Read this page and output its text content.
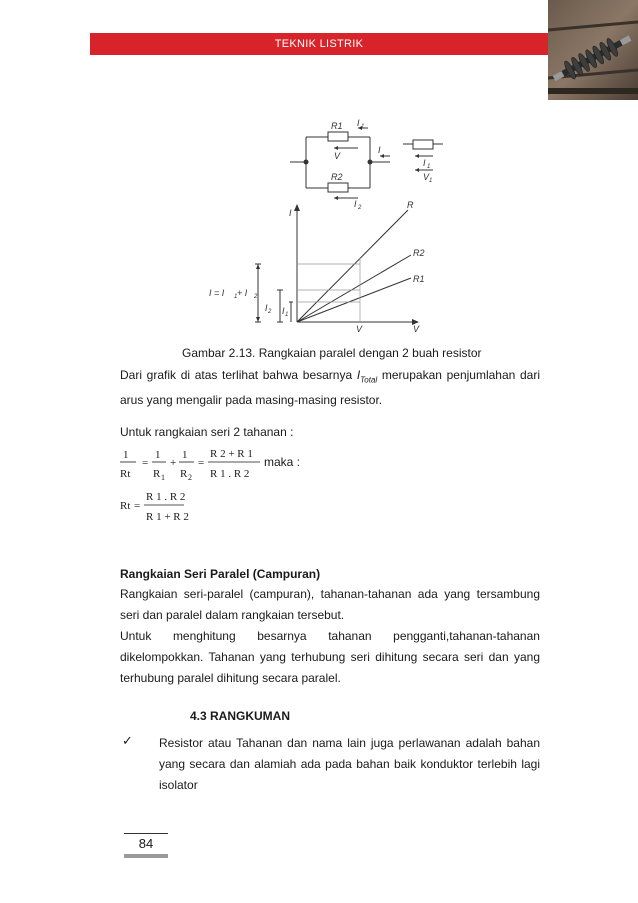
TEKNIK LISTRIK
R1 I 1
V
I
R2
I 2
I 1
V 1
I
V
R
R2
R1
I = I 1 + I 2
I 2 I 1
V
Gambar 2.13. Rangkaian paralel dengan 2 buah resistor
Dari grafik di atas terlihat bahwa besarnya $I_{Total}$ merupakan penjumlahan dari arus yang mengalir pada masing-masing resistor.
Untuk rangkaian seri 2 tahanan :
1
Rt
=
1
R 1
+
1
R 2
=
R 2 + R 1
R 1 . R 2
maka :
Rt =
R 1 . R 2
R 1 + R 2
Rangkaian Seri Paralel (Campuran)
Rangkaian seri-paralel (campuran), tahanan-tahanan ada yang tersambung seri dan paralel dalam rangkaian tersebut.
Untuk menghitung besarnya tahanan pengganti,tahanan-tahanan
dikelompokkan. Tahanan yang terhubung seri dihitung secara seri dan yang terhubung paralel dihitung secara paralel.
4.3 RANGKUMAN
✓ Resistor atau Tahanan dan nama lain juga perlawanan adalah bahan yang secara dan alamiah ada pada bahan baik konduktor terlebih lagi isolator
84
